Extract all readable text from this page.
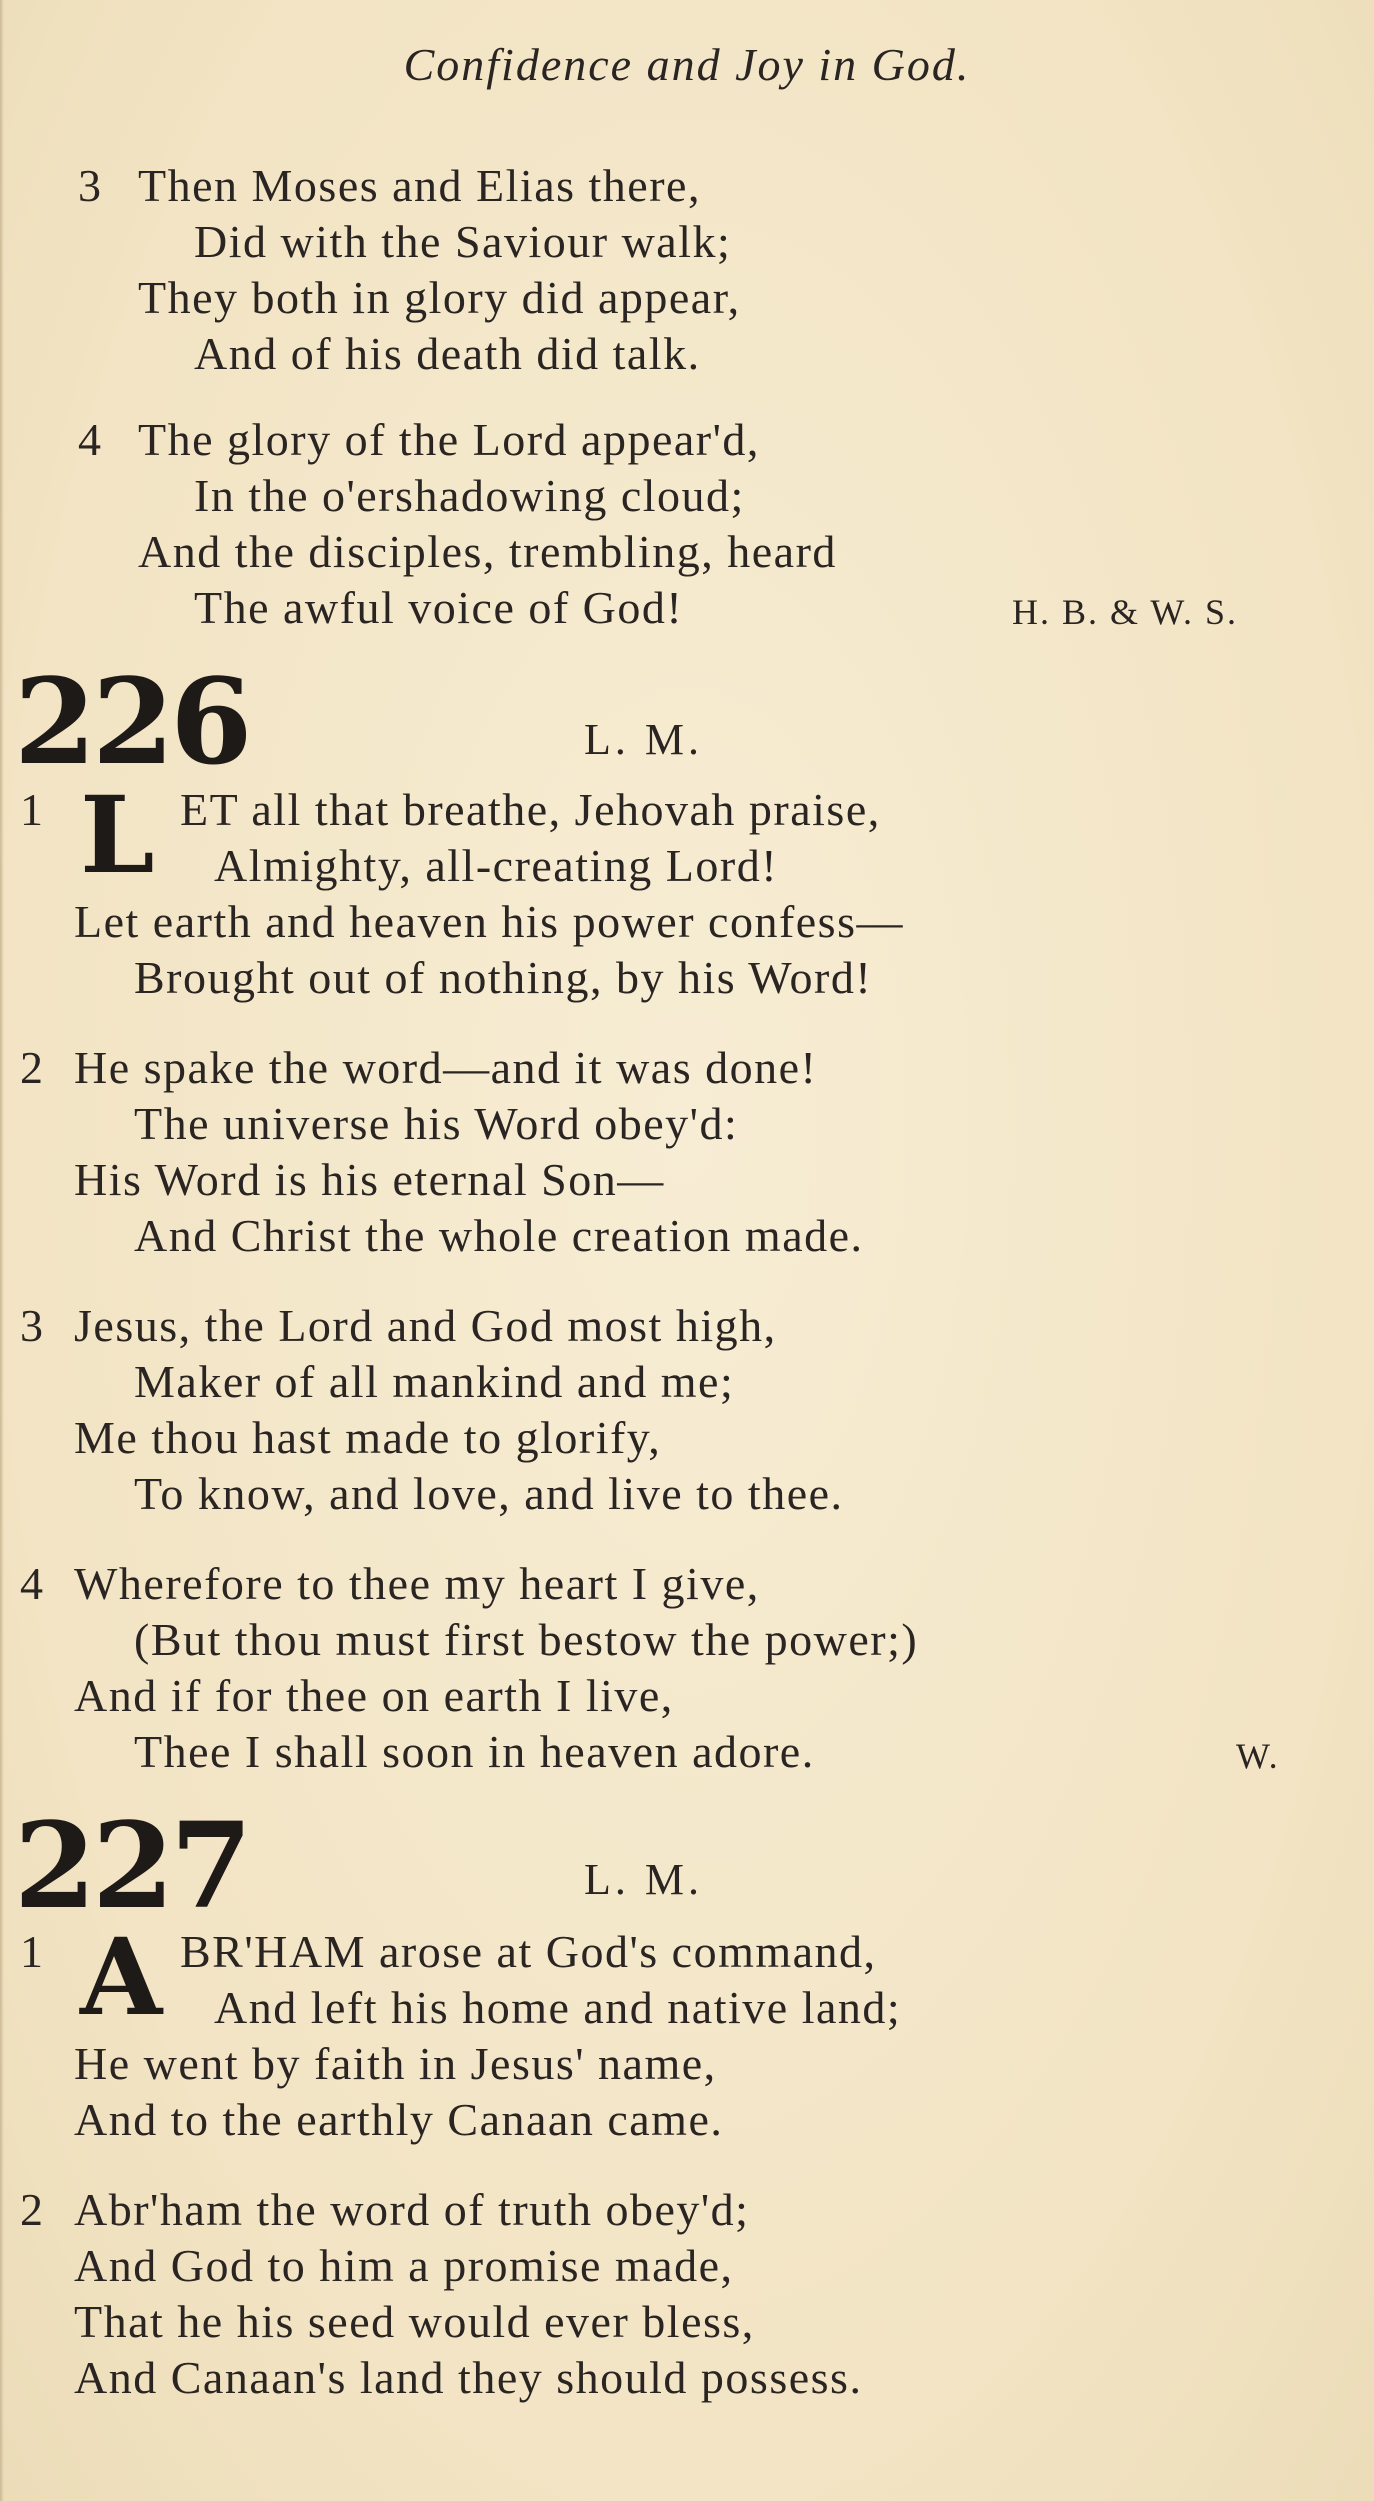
Confidence and Joy in God.
3 Then Moses and Elias there,
Did with the Saviour walk;
They both in glory did appear,
And of his death did talk.
4 The glory of the Lord appear'd,
In the o'ershadowing cloud;
And the disciples, trembling, heard
The awful voice of God!	H. B. & W. S.
226	L. M.
1 L ET all that breathe, Jehovah praise,
Almighty, all-creating Lord!
Let earth and heaven his power confess—
Brought out of nothing, by his Word!
2 He spake the word—and it was done!
The universe his Word obey'd:
His Word is his eternal Son—
And Christ the whole creation made.
3 Jesus, the Lord and God most high,
Maker of all mankind and me;
Me thou hast made to glorify,
To know, and love, and live to thee.
4 Wherefore to thee my heart I give,
(But thou must first bestow the power;)
And if for thee on earth I live,
Thee I shall soon in heaven adore.	W.
227	L. M.
1 A BR'HAM arose at God's command,
And left his home and native land;
He went by faith in Jesus' name,
And to the earthly Canaan came.
2 Abr'ham the word of truth obey'd;
And God to him a promise made,
That he his seed would ever bless,
And Canaan's land they should possess.
